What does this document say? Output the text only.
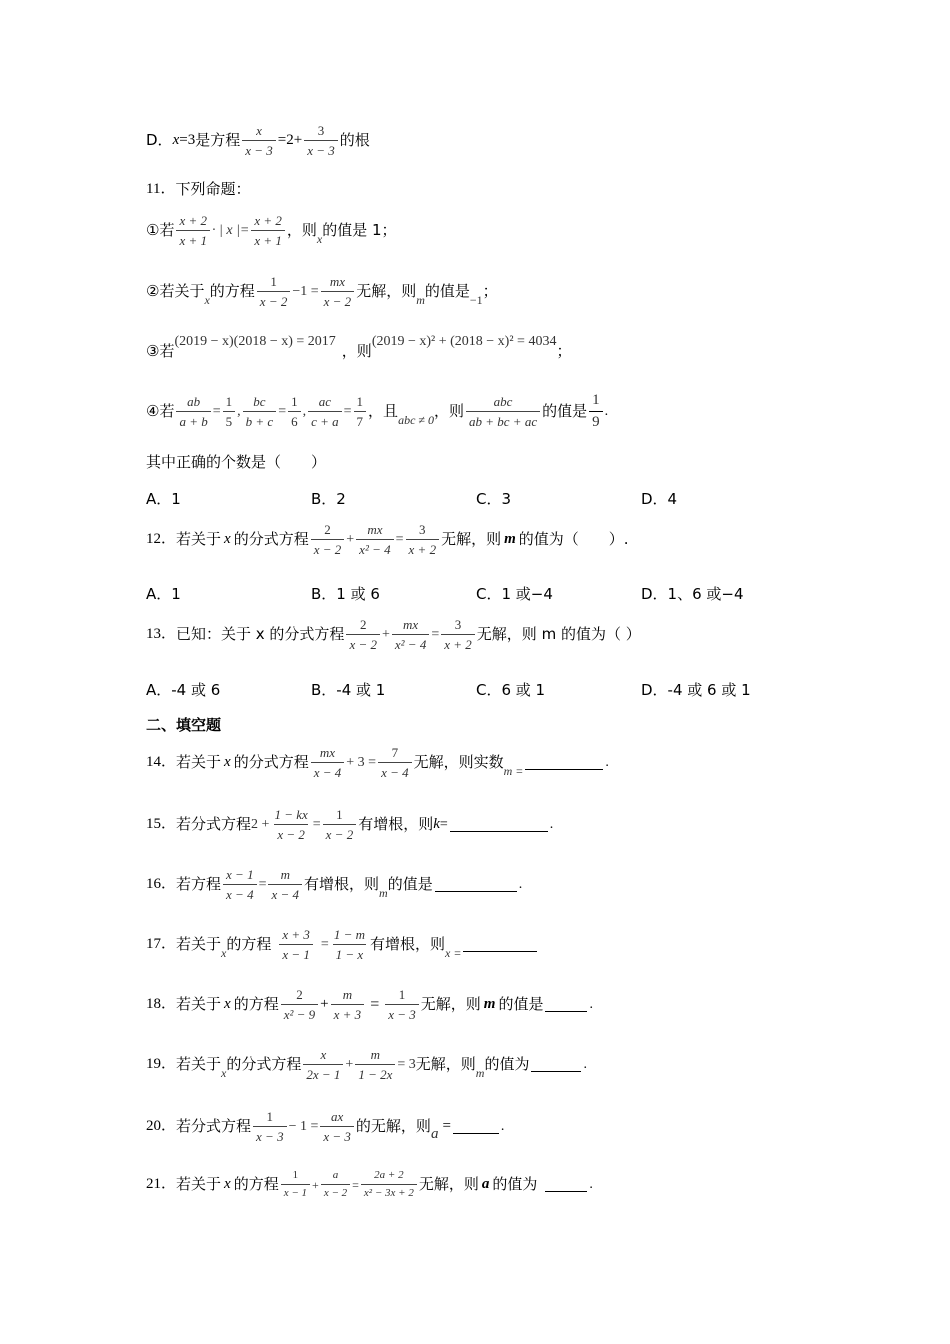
D． x =3 是方程 $\frac{x}{x - 3} =2+ \frac{3}{x - 3}$ 的根
11． 下列命题：
①若 $\frac{x + 2}{x + 1}$ · | x |= $\frac{x + 2}{x + 1}$ ，则 x 的值是 1；
②若关于 x 的方程 $\frac{1}{x - 2} -1 = \frac{mx}{x - 2}$ 无解，则 m 的值是 −1 ；
③若
(2019 − x)(2018 − x) = 2017
，则
(2019 − x)² + (2018 − x)² = 4034
；
④若 $\frac{ab}{a + b} = \frac{1}{5}$ , $\frac{bc}{b + c} = \frac{1}{6}$ , $\frac{ac}{c + a} = \frac{1}{7}$ ，且 abc ≠ 0 ，则 $\frac{\text{abc}}{ab + bc + ac}$ 的值是 $\frac{1}{9}$ .
其中正确的个数是（　　）
A．1	B．2	C．3	D．4
12． 若关于 x 的分式方程 $\frac{2}{x - 2} + \frac{mx}{\text{x² − 4}} = \frac{3}{x + 2}$ 无解，则 m 的值为（　　）.
A．1	B．1 或 6	C．1 或−4	D．1、6 或−4
13． 已知：关于 x 的分式方程 $\frac{2}{x - 2} + \frac{mx}{\text{x² − 4}} = \frac{3}{x + 2}$ 无解，则 m 的值为（ ）
A．-4 或 6	B．-4 或 1	C．6 或 1	D．-4 或 6 或 1
二、填空题
14． 若关于 x 的分式方程 $\frac{mx}{x - 4} + 3 = \frac{7}{x - 4}$ 无解，则实数 m =
.
15． 若分式方程 $2 + \frac{1 - kx}{x - 2} = \frac{1}{x - 2}$ 有增根，则 k =	.
16． 若方程 $\frac{x - 1}{x - 4} = \frac{m}{x - 4}$ 有增根，则 m 的值是	.
17． 若关于 x 的方程 $\frac{x + 3}{x - 1} = \frac{1 - m}{1 - x}$ 有增根，则 x =
18． 若关于 x 的方程 $\frac{2}{\text{x² − 9}} + \frac{m}{x + 3} = \frac{1}{x - 3}$ 无解，则 m 的值是	.
19． 若关于 x 的分式方程 $\frac{x}{2x - 1} + \frac{m}{1 - 2x} = 3$ 无解，则 m 的值为	.
20． 若分式方程 $\frac{1}{x - 3} - 1 = \frac{ax}{x - 3}$ 的无解，则 a =	.
21． 若关于 x 的方程 $\frac{1}{x - 1} + \frac{a}{x - 2} = \frac{2a + 2}{\text{x² − 3x + 2}}$ 无解，则 a 的值为	.
